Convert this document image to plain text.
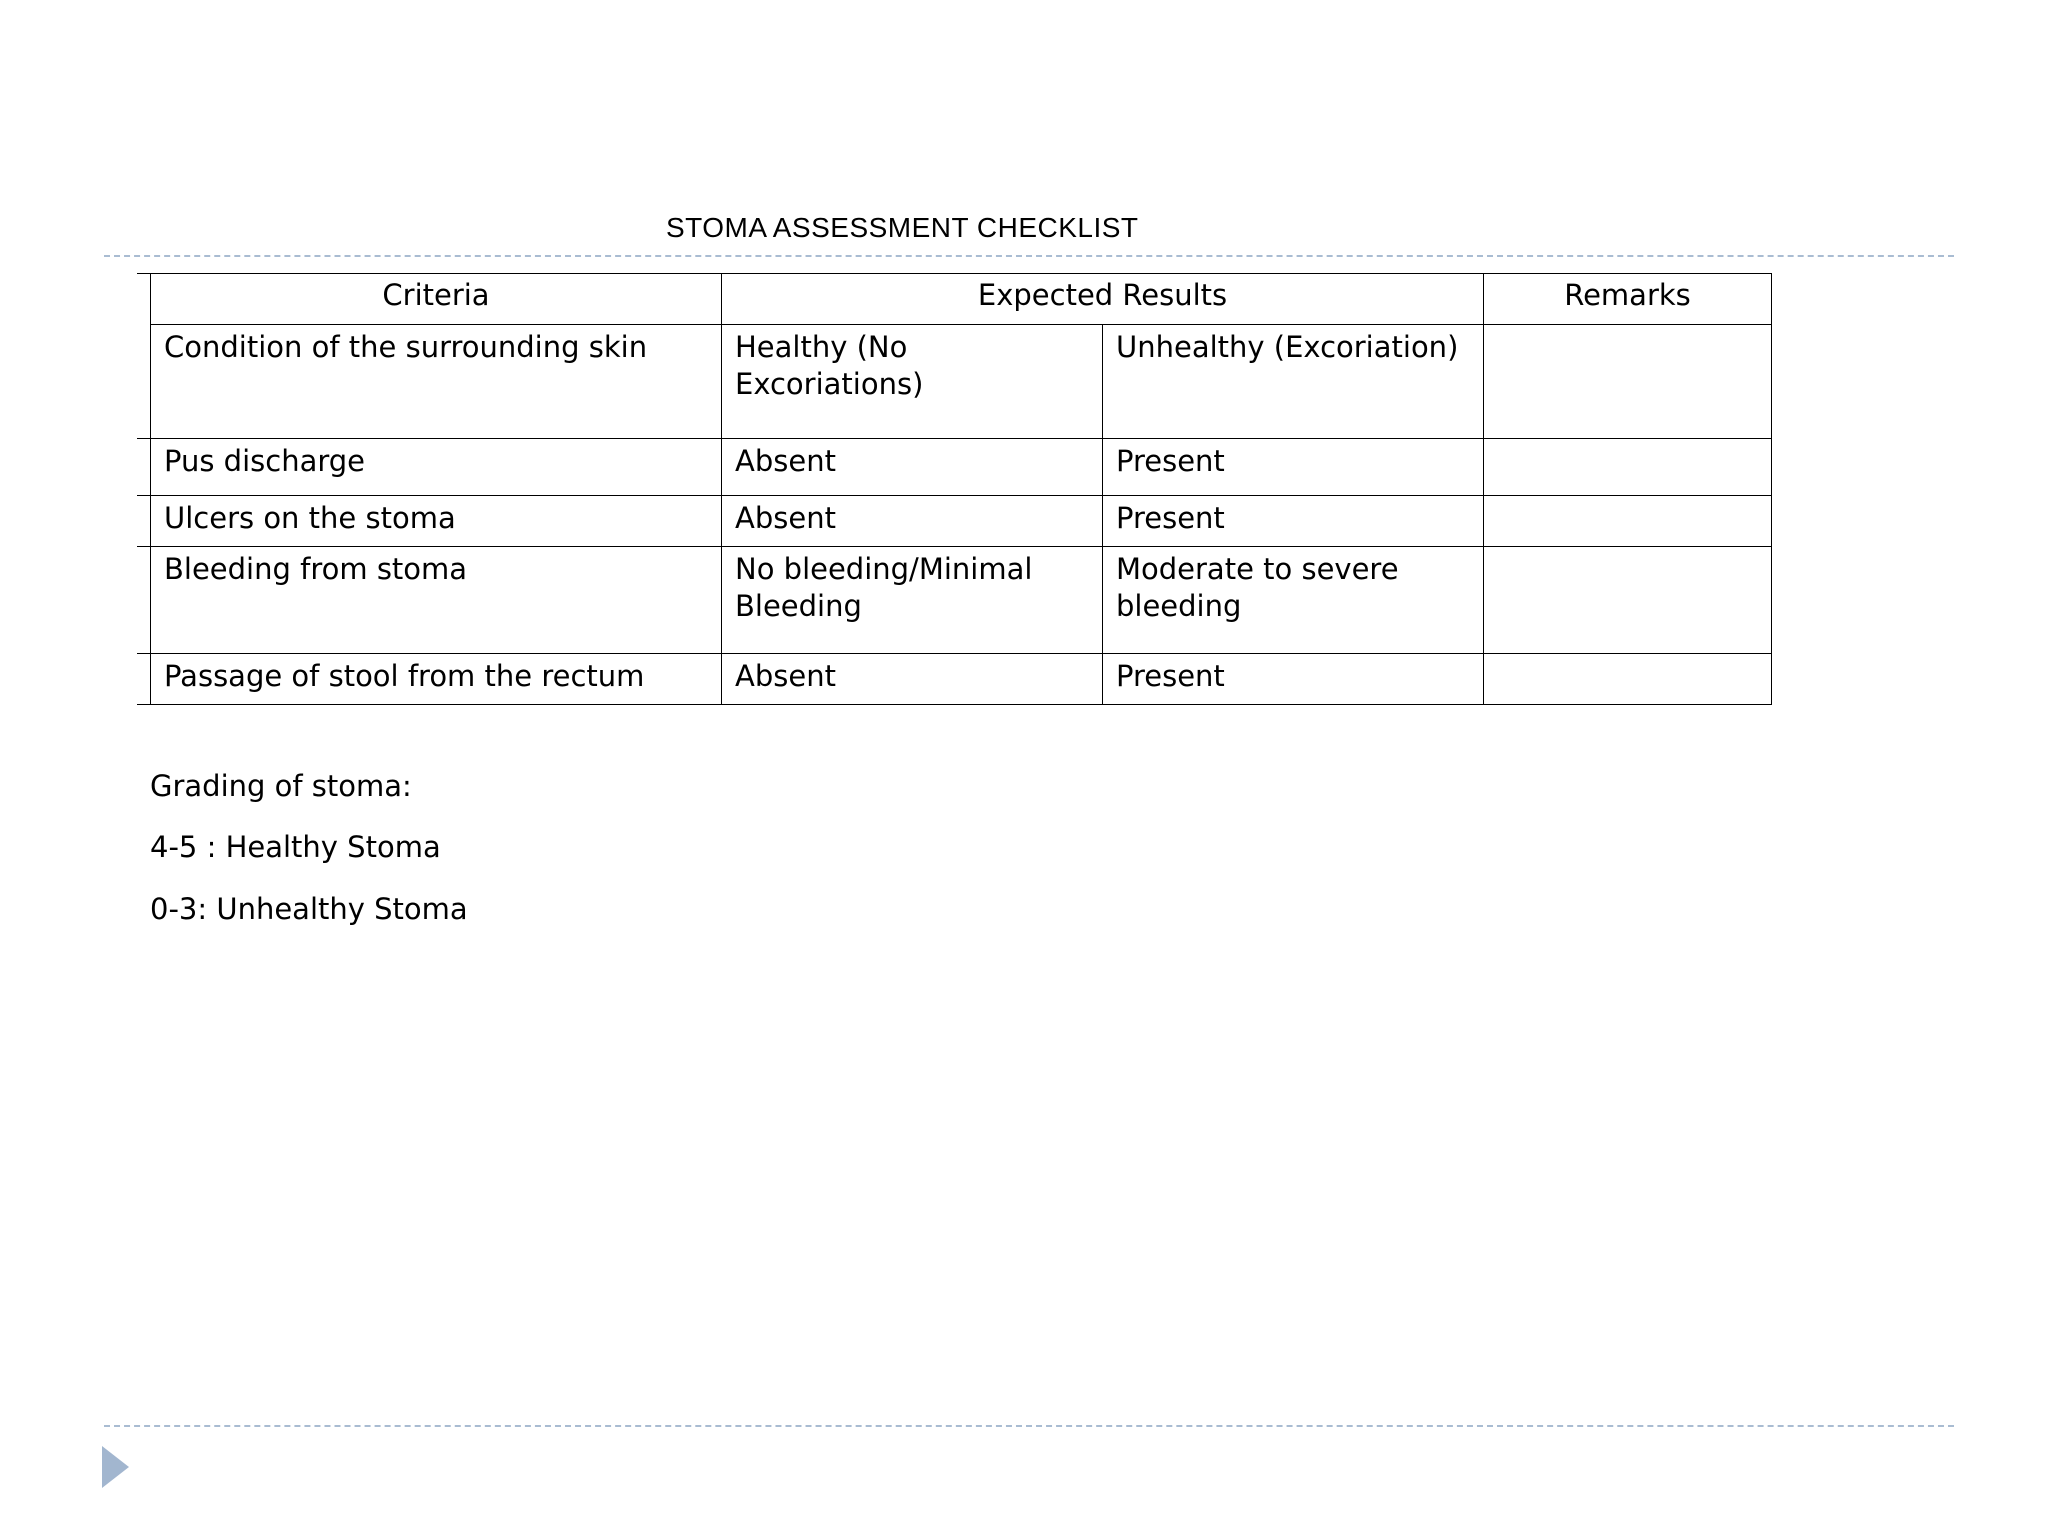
STOMA ASSESSMENT CHECKLIST
Criteria	Expected Results		Remarks
Condition of the surrounding skin	Healthy (No Excoriations)	Unhealthy (Excoriation)	
Pus discharge	Absent	Present	
Ulcers on the stoma	Absent	Present	
Bleeding from stoma	No bleeding/Minimal Bleeding	Moderate to severe bleeding	
Passage of stool from the rectum	Absent	Present	
Grading of stoma:
4-5 : Healthy Stoma
0-3: Unhealthy Stoma
